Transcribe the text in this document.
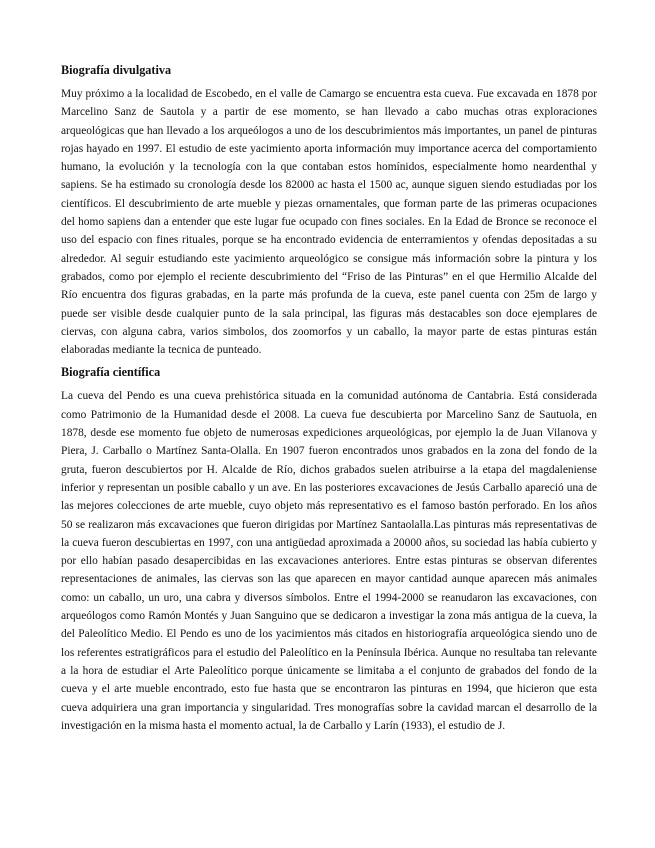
Biografía divulgativa

Muy próximo a la localidad de Escobedo, en el valle de Camargo se encuentra esta cueva. Fue excavada en 1878 por Marcelino Sanz de Sautola y a partir de ese momento, se han llevado a cabo muchas otras exploraciones arqueológicas que han llevado a los arqueólogos a uno de los descubrimientos más importantes, un panel de pinturas rojas hayado en 1997. El estudio de este yacimiento aporta información muy importance acerca del comportamiento humano, la evolución y la tecnología con la que contaban estos homínidos, especialmente homo neardenthal y sapiens. Se ha estimado su cronología desde los 82000 ac hasta el 1500 ac, aunque siguen siendo estudiadas por los científicos. El descubrimiento de arte mueble y piezas ornamentales, que forman parte de las primeras ocupaciones del homo sapiens dan a entender que este lugar fue ocupado con fines sociales. En la Edad de Bronce se reconoce el uso del espacio con fines rituales, porque se ha encontrado evidencia de enterramientos y ofendas depositadas a su alrededor. Al seguir estudiando este yacimiento arqueológico se consigue más información sobre la pintura y los grabados, como por ejemplo el reciente descubrimiento del “Friso de las Pinturas” en el que Hermilio Alcalde del Río encuentra dos figuras grabadas, en la parte más profunda de la cueva, este panel cuenta con 25m de largo y puede ser visible desde cualquier punto de la sala principal, las figuras más destacables son doce ejemplares de ciervas, con alguna cabra, varios simbolos, dos zoomorfos y un caballo, la mayor parte de estas pinturas están elaboradas mediante la tecnica de punteado.

Biografía científica

La cueva del Pendo es una cueva prehistórica situada en la comunidad autónoma de Cantabria. Está considerada como Patrimonio de la Humanidad desde el 2008. La cueva fue descubierta por Marcelino Sanz de Sautuola, en 1878, desde ese momento fue objeto de numerosas expediciones arqueológicas, por ejemplo la de Juan Vilanova y Piera, J. Carballo o Martínez Santa-Olalla. En 1907 fueron encontrados unos grabados en la zona del fondo de la gruta, fueron descubiertos por H. Alcalde de Río, dichos grabados suelen atribuirse a la etapa del magdaleniense inferior y representan un posible caballo y un ave. En las posteriores excavaciones de Jesús Carballo apareció una de las mejores colecciones de arte mueble, cuyo objeto más representativo es el famoso bastón perforado. En los años 50 se realizaron más excavaciones que fueron dirigidas por Martínez Santaolalla.Las pinturas más representativas de la cueva fueron descubiertas en 1997, con una antigüedad aproximada a 20000 años, su sociedad las había cubierto y por ello habían pasado desapercibidas en las excavaciones anteriores. Entre estas pinturas se observan diferentes representaciones de animales, las ciervas son las que aparecen en mayor cantidad aunque aparecen más animales como: un caballo, un uro, una cabra y diversos símbolos. Entre el 1994-2000 se reanudaron las excavaciones, con arqueólogos como Ramón Montés y Juan Sanguino que se dedicaron a investigar la zona más antigua de la cueva, la del Paleolítico Medio. El Pendo es uno de los yacimientos más citados en historiografía arqueológica siendo uno de los referentes estratigráficos para el estudio del Paleolítico en la Península Ibérica. Aunque no resultaba tan relevante a la hora de estudiar el Arte Paleolítico porque únicamente se limitaba a el conjunto de grabados del fondo de la cueva y el arte mueble encontrado, esto fue hasta que se encontraron las pinturas en 1994, que hicieron que esta cueva adquiriera una gran importancia y singularidad. Tres monografías sobre la cavidad marcan el desarrollo de la investigación en la misma hasta el momento actual, la de Carballo y Larín (1933), el estudio de J.
